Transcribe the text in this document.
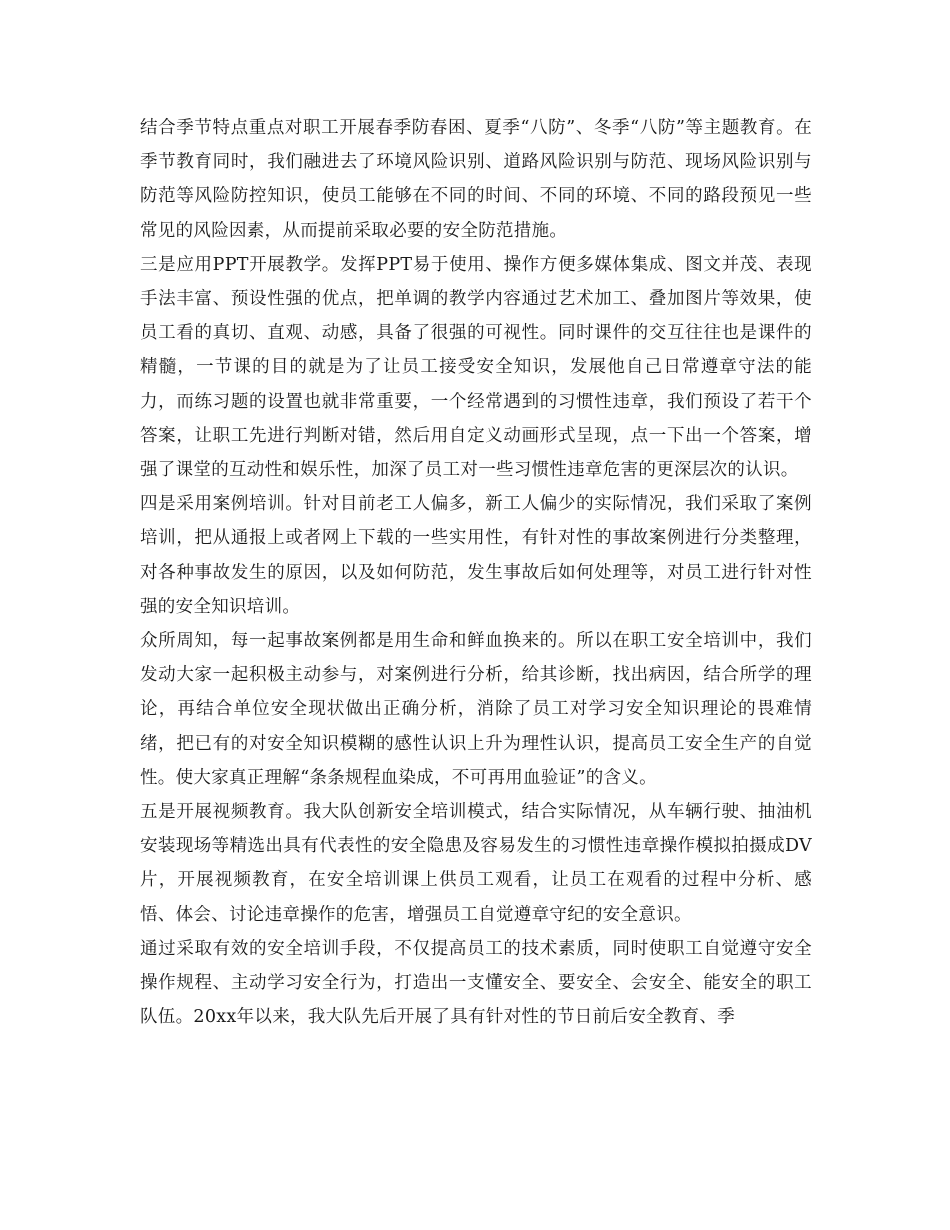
结合季节特点重点对职工开展春季防春困、夏季“八防”、冬季“八防”等主题教育。在季节教育同时，我们融进去了环境风险识别、道路风险识别与防范、现场风险识别与防范等风险防控知识，使员工能够在不同的时间、不同的环境、不同的路段预见一些常见的风险因素，从而提前采取必要的安全防范措施。

三是应用PPT开展教学。发挥PPT易于使用、操作方便多媒体集成、图文并茂、表现手法丰富、预设性强的优点，把单调的教学内容通过艺术加工、叠加图片等效果，使员工看的真切、直观、动感，具备了很强的可视性。同时课件的交互往往也是课件的精髓，一节课的目的就是为了让员工接受安全知识，发展他自己日常遵章守法的能力，而练习题的设置也就非常重要，一个经常遇到的习惯性违章，我们预设了若干个答案，让职工先进行判断对错，然后用自定义动画形式呈现，点一下出一个答案，增强了课堂的互动性和娱乐性，加深了员工对一些习惯性违章危害的更深层次的认识。

四是采用案例培训。针对目前老工人偏多，新工人偏少的实际情况，我们采取了案例培训，把从通报上或者网上下载的一些实用性，有针对性的事故案例进行分类整理，对各种事故发生的原因，以及如何防范，发生事故后如何处理等，对员工进行针对性强的安全知识培训。

众所周知，每一起事故案例都是用生命和鲜血换来的。所以在职工安全培训中，我们发动大家一起积极主动参与，对案例进行分析，给其诊断，找出病因，结合所学的理论，再结合单位安全现状做出正确分析，消除了员工对学习安全知识理论的畏难情绪，把已有的对安全知识模糊的感性认识上升为理性认识，提高员工安全生产的自觉性。使大家真正理解“条条规程血染成，不可再用血验证”的含义。

五是开展视频教育。我大队创新安全培训模式，结合实际情况，从车辆行驶、抽油机安装现场等精选出具有代表性的安全隐患及容易发生的习惯性违章操作模拟拍摄成DV片，开展视频教育，在安全培训课上供员工观看，让员工在观看的过程中分析、感悟、体会、讨论违章操作的危害，增强员工自觉遵章守纪的安全意识。

通过采取有效的安全培训手段，不仅提高员工的技术素质，同时使职工自觉遵守安全操作规程、主动学习安全行为，打造出一支懂安全、要安全、会安全、能安全的职工队伍。20xx年以来，我大队先后开展了具有针对性的节日前后安全教育、季
